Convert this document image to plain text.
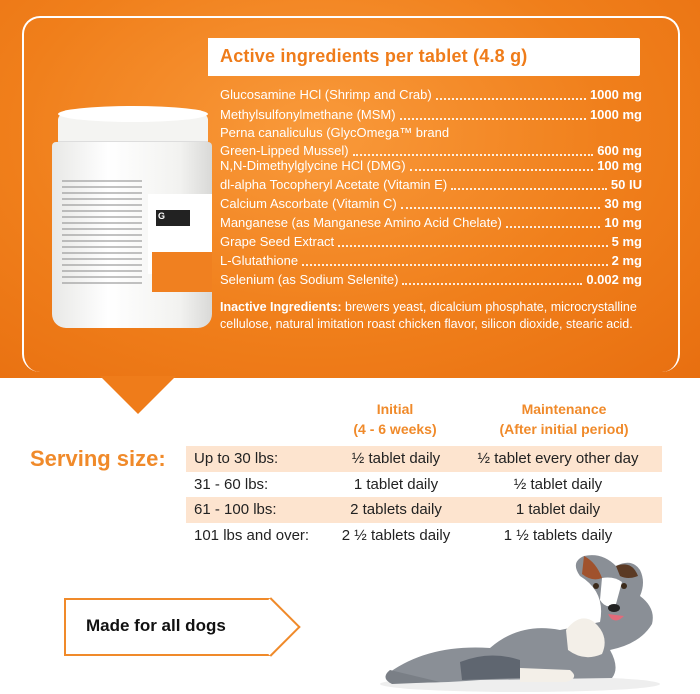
G
Active ingredients per tablet (4.8 g)
Glucosamine HCl (Shrimp and Crab)	1000 mg
Methylsulfonylmethane (MSM)	1000 mg
Perna canaliculus (GlycOmega™ brand
Green-Lipped Mussel)	600 mg
N,N-Dimethylglycine HCl (DMG)	100 mg
dl-alpha Tocopheryl Acetate (Vitamin E)	50 IU
Calcium Ascorbate (Vitamin C)	30 mg
Manganese (as Manganese Amino Acid Chelate)	10 mg
Grape Seed Extract	5 mg
L-Glutathione	2 mg
Selenium (as Sodium Selenite)	0.002 mg
Inactive Ingredients: brewers yeast, dicalcium phosphate, microcrystalline cellulose, natural imitation roast chicken flavor, silicon dioxide, stearic acid.
Serving size:
Initial
(4 - 6 weeks)
Maintenance
(After initial period)
Up to 30 lbs:	½ tablet daily	½ tablet every other day
31 - 60 lbs:	1 tablet daily	½ tablet daily
61 - 100 lbs:	2 tablets daily	1 tablet daily
101 lbs and over:	2 ½ tablets daily	1 ½ tablets daily
Made for all dogs
